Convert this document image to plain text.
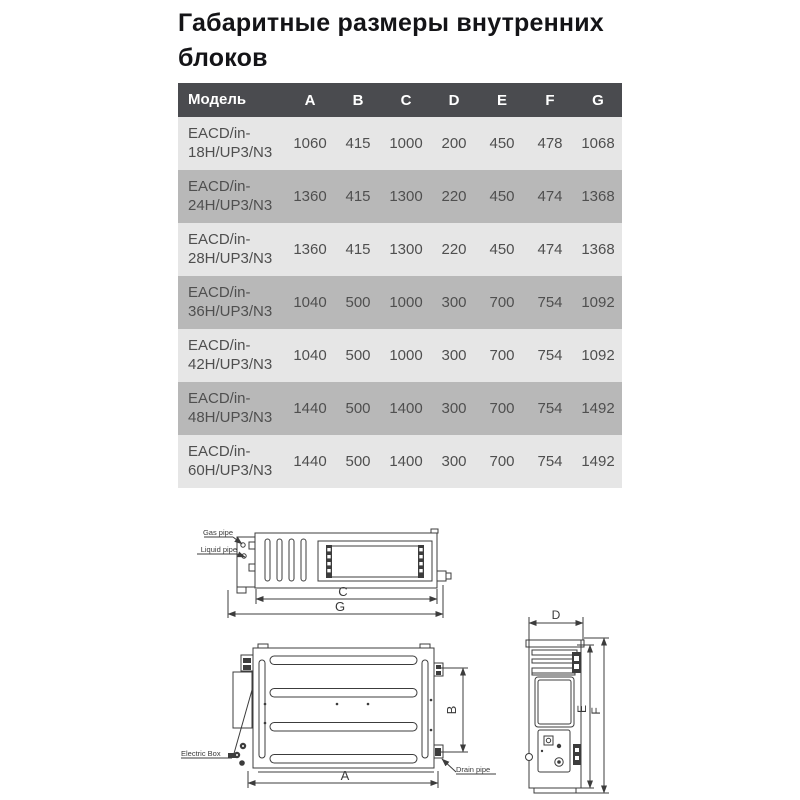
Габаритные размеры внутренних блоков
Модель	A	B	C	D	E	F	G
EACD/in-18H/UP3/N3	1060	415	1000	200	450	478	1068
EACD/in-24H/UP3/N3	1360	415	1300	220	450	474	1368
EACD/in-28H/UP3/N3	1360	415	1300	220	450	474	1368
EACD/in-36H/UP3/N3	1040	500	1000	300	700	754	1092
EACD/in-42H/UP3/N3	1040	500	1000	300	700	754	1092
EACD/in-48H/UP3/N3	1440	500	1400	300	700	754	1492
EACD/in-60H/UP3/N3	1440	500	1400	300	700	754	1492
Gas pipe
Liquid pipe
C
G
Electric Box
Drain pipe
B
A
D
E F
